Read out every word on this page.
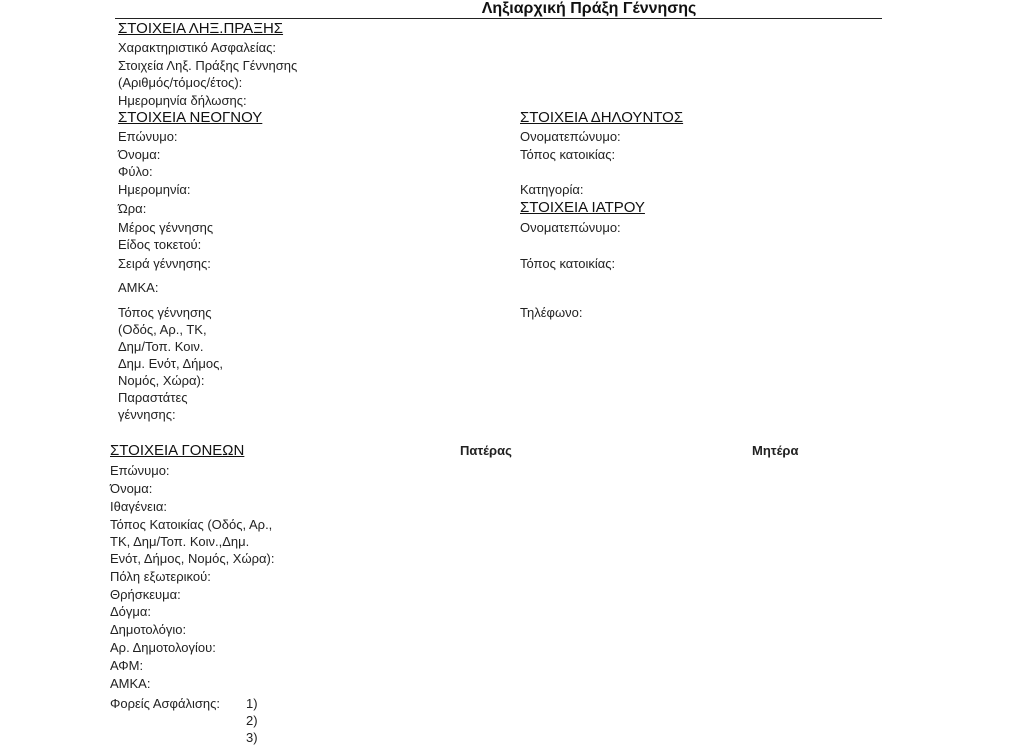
Ληξιαρχική Πράξη Γέννησης
ΣΤΟΙΧΕΙΑ ΛΗΞ.ΠΡΑΞΗΣ
Χαρακτηριστικό Ασφαλείας:
Στοιχεία Ληξ. Πράξης Γέννησης
(Αριθμός/τόμος/έτος):
Ημερομηνία δήλωσης:
ΣΤΟΙΧΕΙΑ ΝΕΟΓΝΟΥ
Επώνυμο:
Όνομα:
Φύλο:
Ημερομηνία:
Ώρα:
Μέρος γέννησης
Είδος τοκετού:
Σειρά γέννησης:
ΑΜΚΑ:
Τόπος γέννησης
(Οδός, Αρ., ΤΚ,
Δημ/Τοπ. Κοιν.
Δημ. Ενότ, Δήμος,
Νομός, Χώρα):
Παραστάτες
γέννησης:
ΣΤΟΙΧΕΙΑ ΔΗΛΟΥΝΤΟΣ
Ονοματεπώνυμο:
Τόπος κατοικίας:
Κατηγορία:
ΣΤΟΙΧΕΙΑ ΙΑΤΡΟΥ
Ονοματεπώνυμο:
Τόπος κατοικίας:
Τηλέφωνο:
ΣΤΟΙΧΕΙΑ ΓΟΝΕΩΝ	Πατέρας	Μητέρα
Επώνυμο:
Όνομα:
Ιθαγένεια:
Τόπος Κατοικίας (Οδός, Αρ.,
ΤΚ, Δημ/Τοπ. Κοιν.,Δημ.
Ενότ, Δήμος, Νομός, Χώρα):
Πόλη εξωτερικού:
Θρήσκευμα:
Δόγμα:
Δημοτολόγιο:
Αρ. Δημοτολογίου:
ΑΦΜ:
ΑΜΚΑ:
Φορείς Ασφάλισης: 1)
2)
3)
